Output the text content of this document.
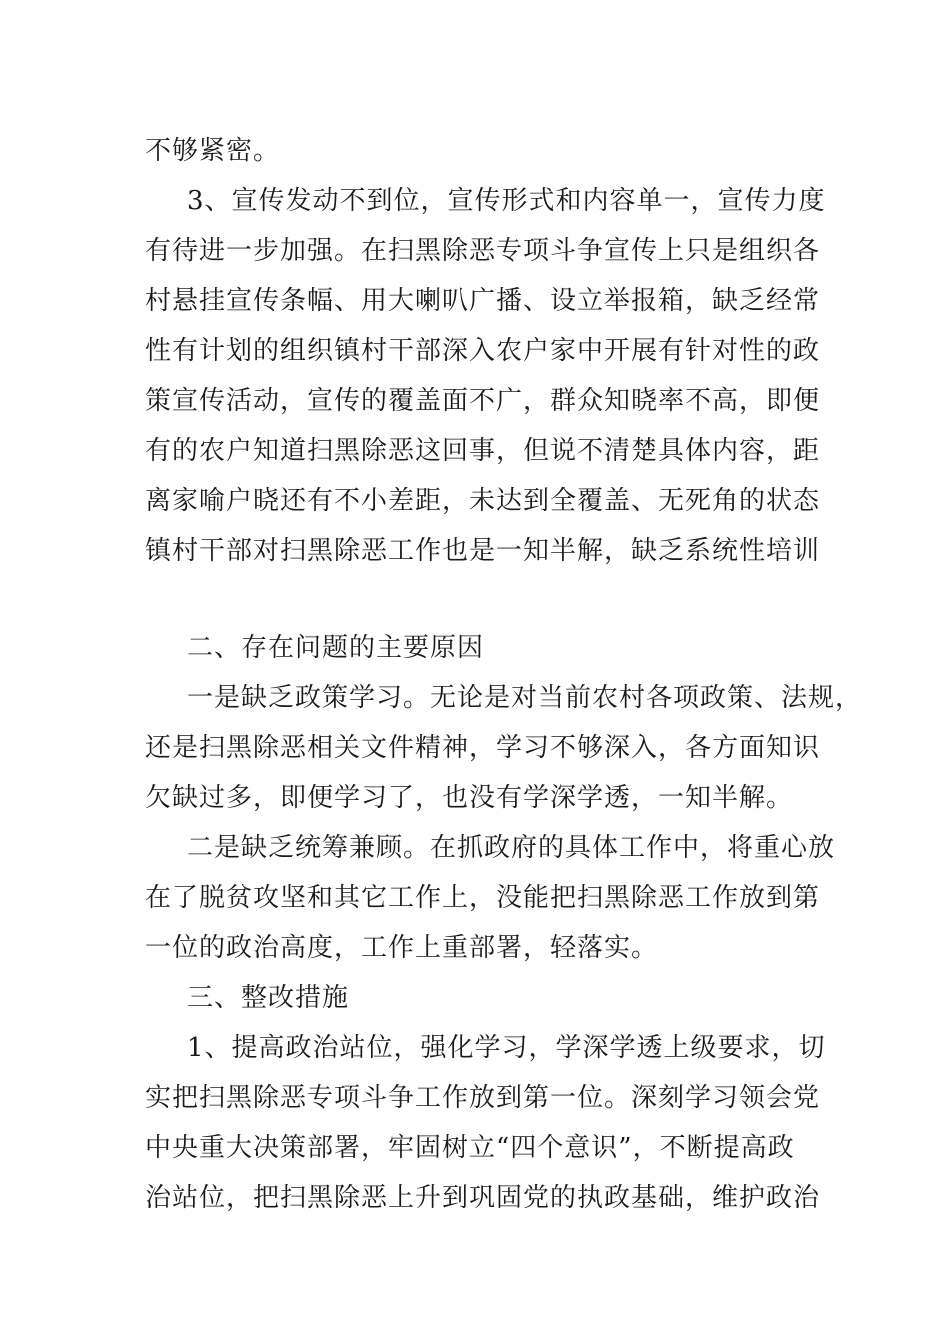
不够紧密。
3、宣传发动不到位，宣传形式和内容单一，宣传力度
有待进一步加强。在扫黑除恶专项斗争宣传上只是组织各
村悬挂宣传条幅、用大喇叭广播、设立举报箱，缺乏经常
性有计划的组织镇村干部深入农户家中开展有针对性的政
策宣传活动，宣传的覆盖面不广，群众知晓率不高，即便
有的农户知道扫黑除恶这回事，但说不清楚具体内容，距
离家喻户晓还有不小差距，未达到全覆盖、无死角的状态
镇村干部对扫黑除恶工作也是一知半解，缺乏系统性培训
二、存在问题的主要原因
一是缺乏政策学习。无论是对当前农村各项政策、法规，
还是扫黑除恶相关文件精神，学习不够深入，各方面知识
欠缺过多，即便学习了，也没有学深学透，一知半解。
二是缺乏统筹兼顾。在抓政府的具体工作中，将重心放
在了脱贫攻坚和其它工作上，没能把扫黑除恶工作放到第
一位的政治高度，工作上重部署，轻落实。
三、整改措施
1、提高政治站位，强化学习，学深学透上级要求，切
实把扫黑除恶专项斗争工作放到第一位。深刻学习领会党
中央重大决策部署，牢固树立“四个意识”，不断提高政
治站位，把扫黑除恶上升到巩固党的执政基础，维护政治
